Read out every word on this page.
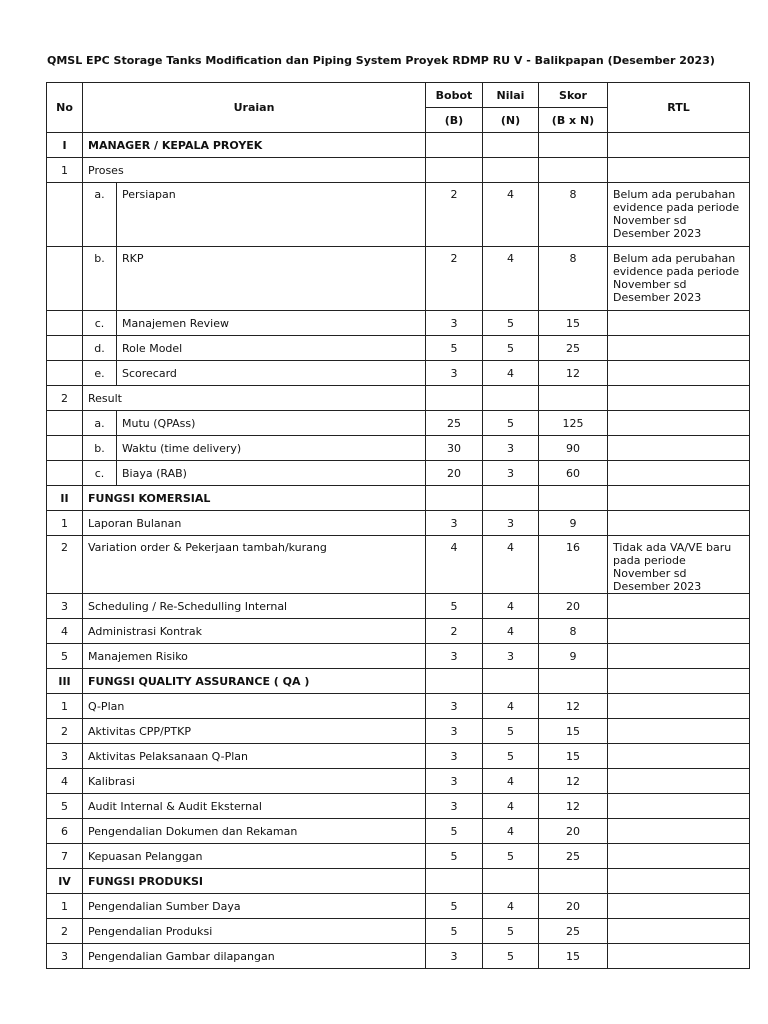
QMSL EPC Storage Tanks Modification dan Piping System Proyek RDMP RU V - Balikpapan (Desember 2023)
No	Uraian		Bobot	Nilai	Skor	RTL
			(B)	(N)	(B x N)	
I	MANAGER / KEPALA PROYEK					
1	Proses					
	a.	Persiapan	2	4	8	Belum ada perubahan evidence pada periode November sd Desember 2023
	b.	RKP	2	4	8	Belum ada perubahan evidence pada periode November sd Desember 2023
	c.	Manajemen Review	3	5	15	
	d.	Role Model	5	5	25	
	e.	Scorecard	3	4	12	
2	Result					
	a.	Mutu (QPAss)	25	5	125	
	b.	Waktu (time delivery)	30	3	90	
	c.	Biaya (RAB)	20	3	60	
II	FUNGSI KOMERSIAL					
1	Laporan Bulanan		3	3	9	
2	Variation order & Pekerjaan tambah/kurang		4	4	16	Tidak ada VA/VE baru pada periode November sd Desember 2023
3	Scheduling / Re-Schedulling Internal		5	4	20	
4	Administrasi Kontrak		2	4	8	
5	Manajemen Risiko		3	3	9	
III	FUNGSI QUALITY ASSURANCE ( QA )					
1	Q-Plan		3	4	12	
2	Aktivitas CPP/PTKP		3	5	15	
3	Aktivitas Pelaksanaan Q-Plan		3	5	15	
4	Kalibrasi		3	4	12	
5	Audit Internal & Audit Eksternal		3	4	12	
6	Pengendalian Dokumen dan Rekaman		5	4	20	
7	Kepuasan Pelanggan		5	5	25	
IV	FUNGSI PRODUKSI					
1	Pengendalian Sumber Daya		5	4	20	
2	Pengendalian Produksi		5	5	25	
3	Pengendalian Gambar dilapangan		3	5	15	
